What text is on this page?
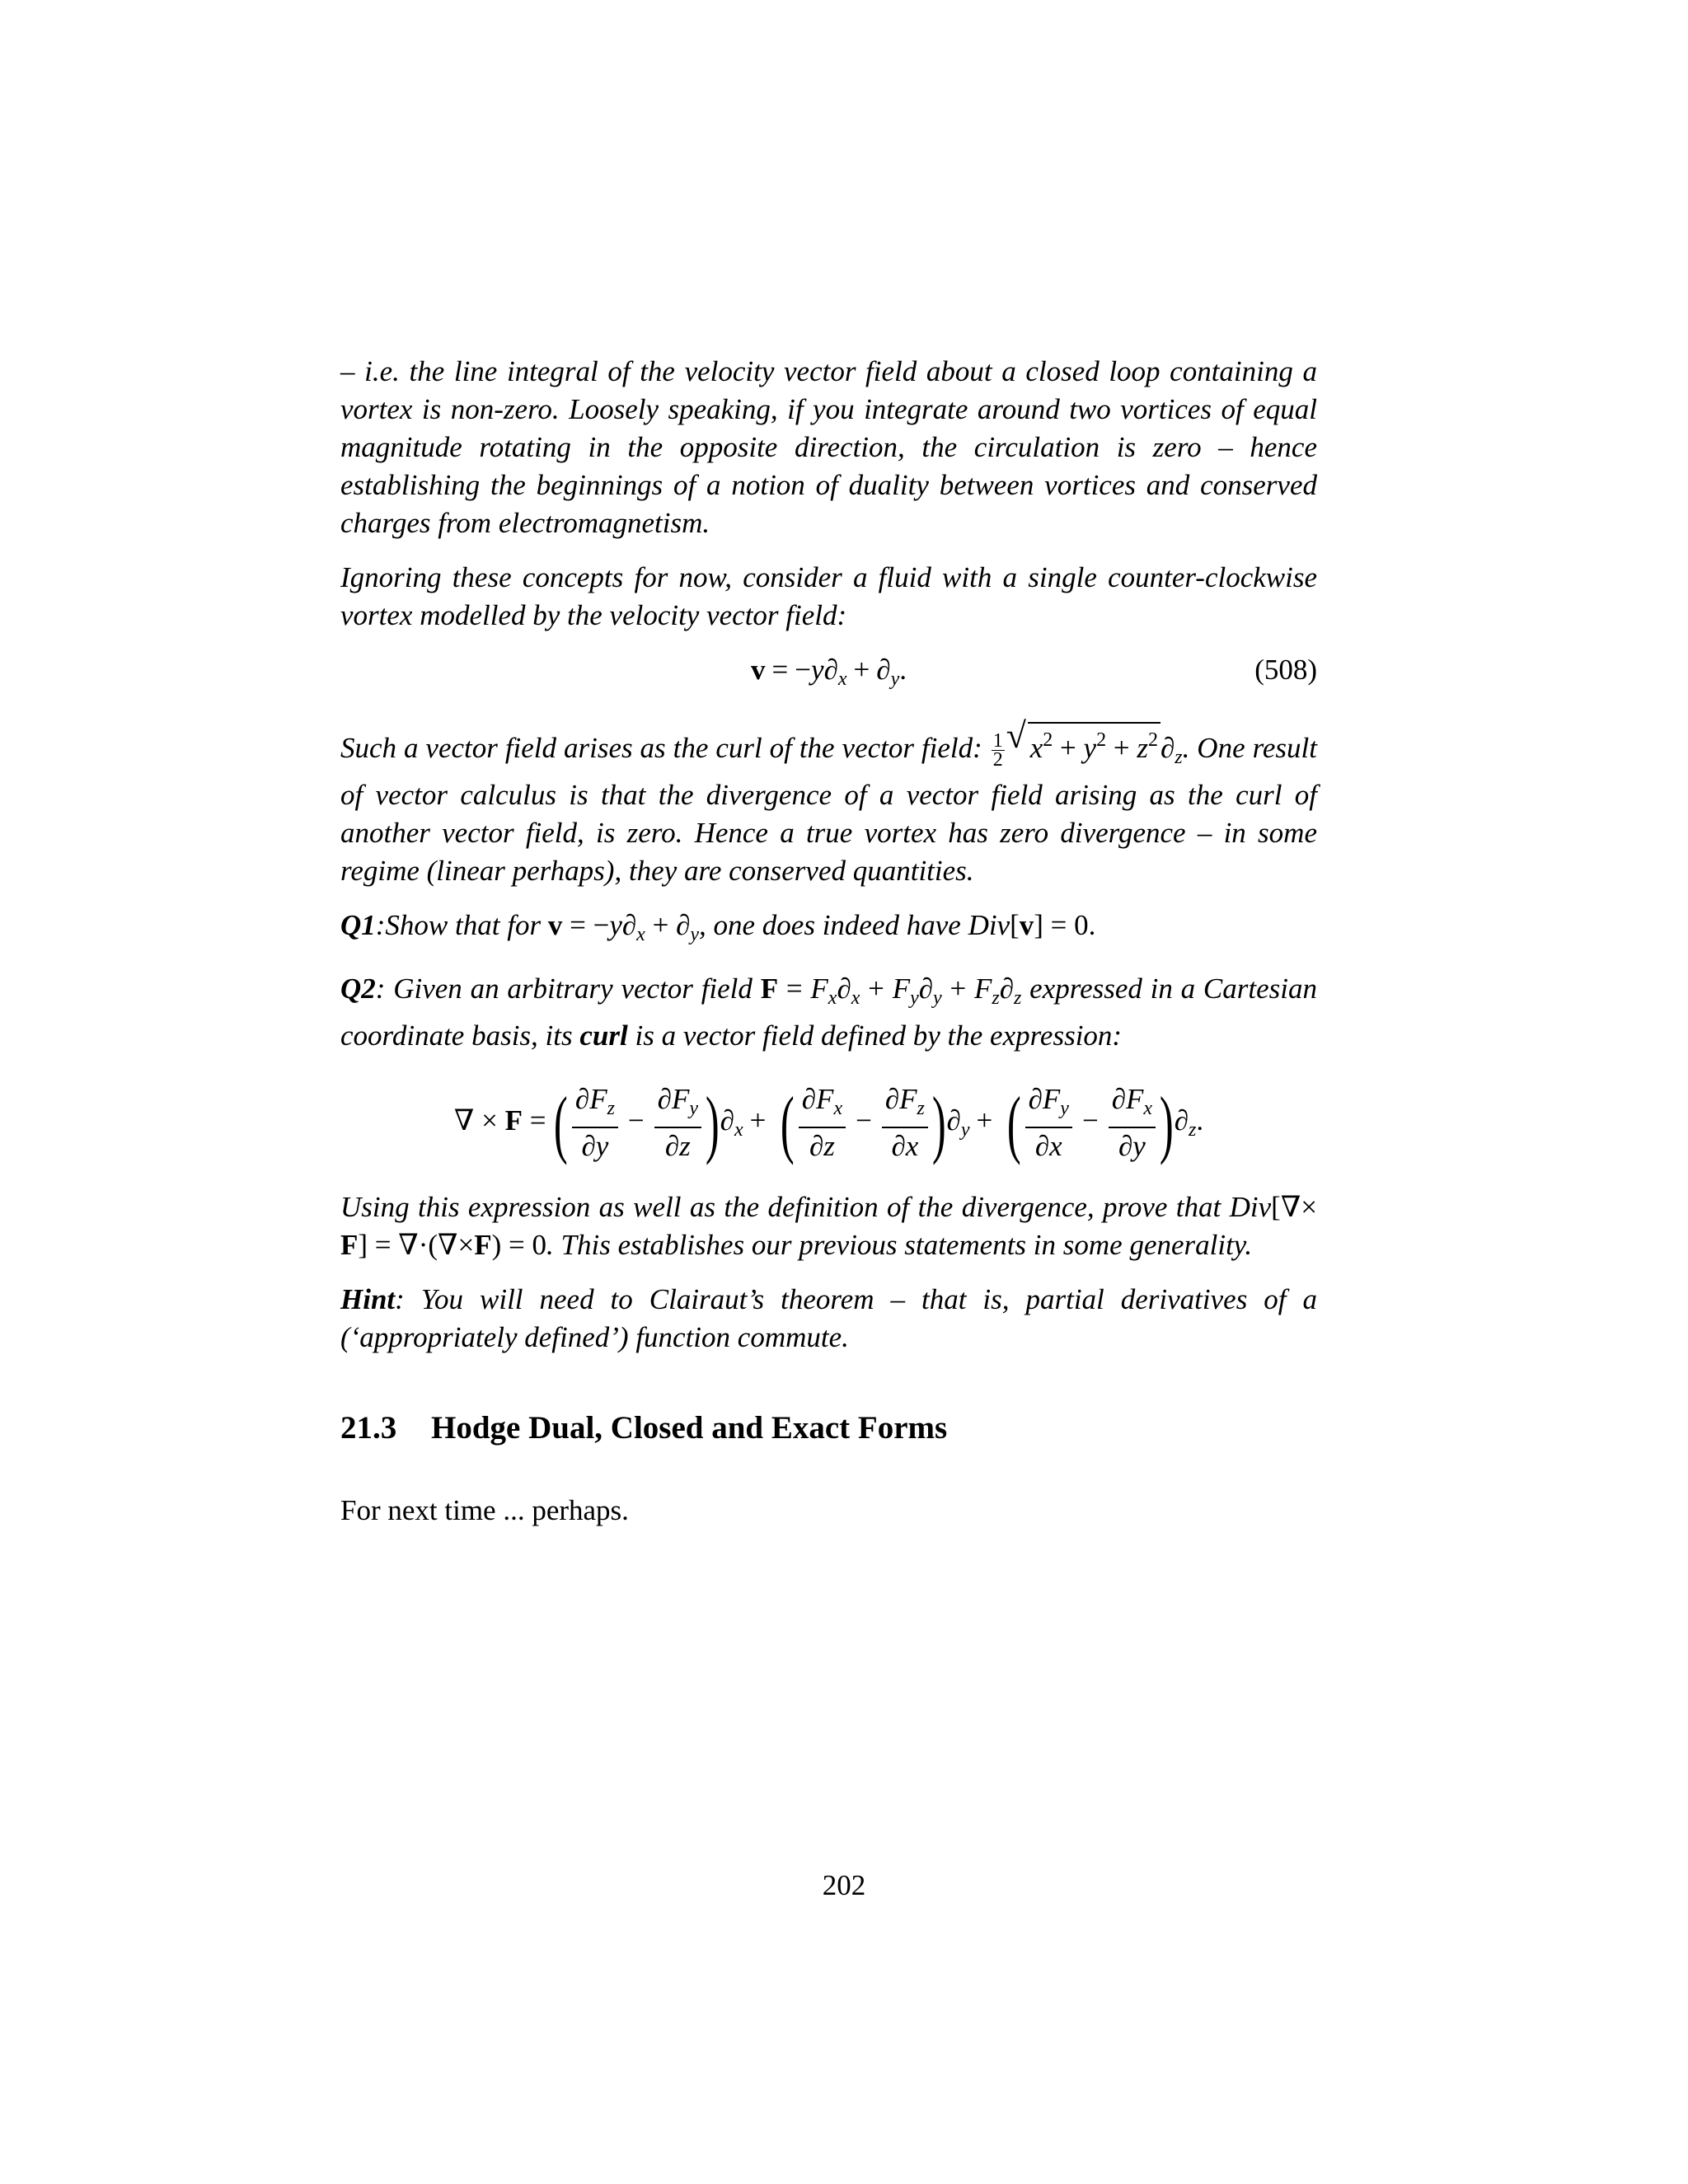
– i.e. the line integral of the velocity vector field about a closed loop containing a vortex is non-zero. Loosely speaking, if you integrate around two vortices of equal magnitude rotating in the opposite direction, the circulation is zero – hence establishing the beginnings of a notion of duality between vortices and conserved charges from electromagnetism.

Ignoring these concepts for now, consider a fluid with a single counter-clockwise vortex modelled by the velocity vector field:

$v = -y\partial_x + \partial_y$.	(508)

Such a vector field arises as the curl of the vector field: $\frac{1}{2}$ √ $x^2 + y^2 + z^2\partial_z$. One result of vector calculus is that the divergence of a vector field arising as the curl of another vector field, is zero. Hence a true vortex has zero divergence – in some regime (linear perhaps), they are conserved quantities.

Q1:Show that for $v = -y\partial_x + \partial_y$, one does indeed have Div[v] = 0.

Q2: Given an arbitrary vector field $F = F_x\partial_x + F_y\partial_y + F_z\partial_z$ expressed in a Cartesian coordinate basis, its curl is a vector field defined by the expression:

∇ × F = ( $\frac{\partial F_z}{\partial y} - \frac{\partial F_y}{\partial z} )\partial_x$ + ( $\frac{\partial F_x}{\partial z} - \frac{\partial F_z}{\partial x} )\partial_y$ + ( $\frac{\partial F_y}{\partial x} - \frac{\partial F_x}{\partial y} )\partial_z$.

Using this expression as well as the definition of the divergence, prove that Div[∇× F] = ∇·(∇×F) = 0. This establishes our previous statements in some generality.

Hint: You will need to Clairaut’s theorem – that is, partial derivatives of a (‘appropriately defined’) function commute.

21.3 Hodge Dual, Closed and Exact Forms

For next time ... perhaps.

202
